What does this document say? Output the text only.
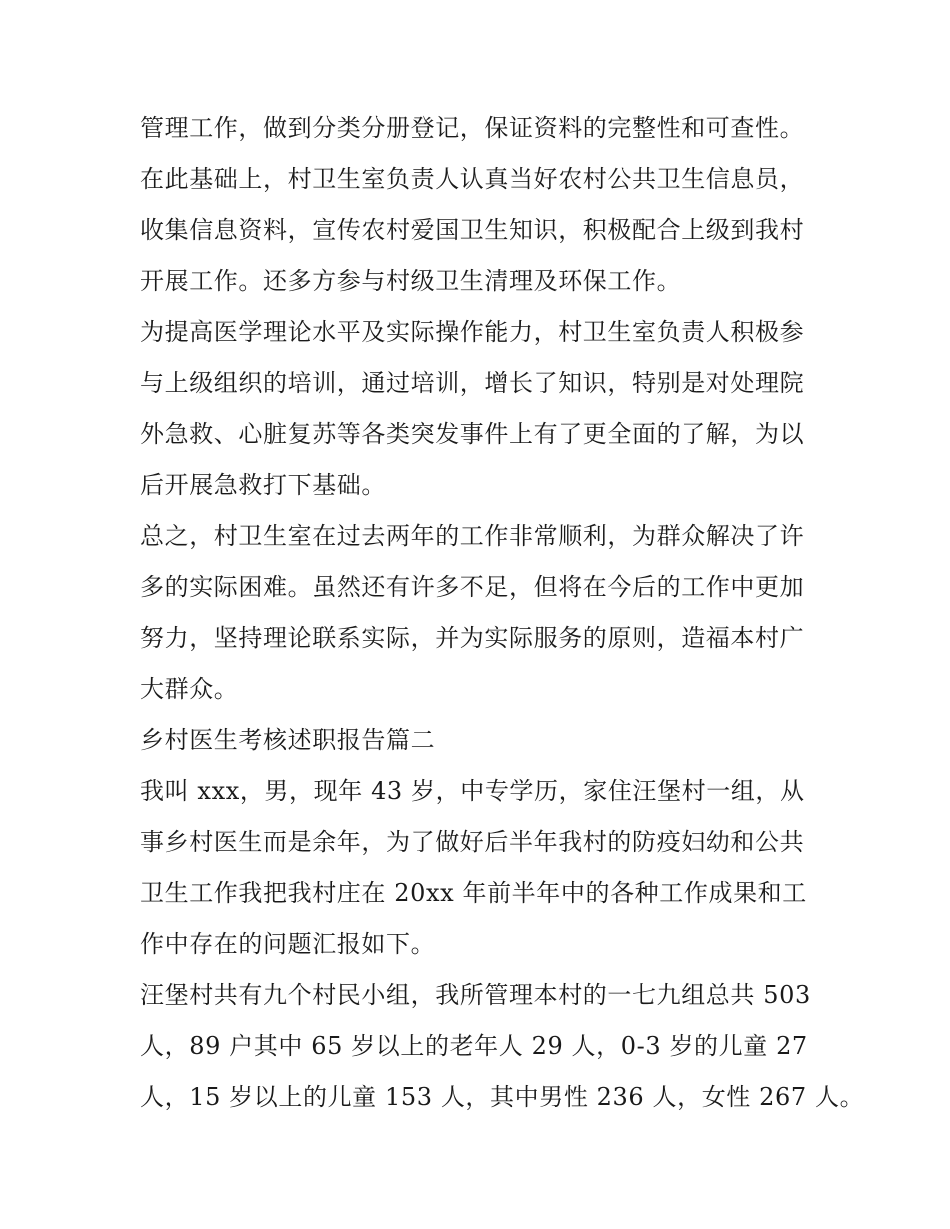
管理工作，做到分类分册登记，保证资料的完整性和可查性。
在此基础上，村卫生室负责人认真当好农村公共卫生信息员，
收集信息资料，宣传农村爱国卫生知识，积极配合上级到我村
开展工作。还多方参与村级卫生清理及环保工作。
为提高医学理论水平及实际操作能力，村卫生室负责人积极参
与上级组织的培训，通过培训，增长了知识，特别是对处理院
外急救、心脏复苏等各类突发事件上有了更全面的了解，为以
后开展急救打下基础。
总之，村卫生室在过去两年的工作非常顺利，为群众解决了许
多的实际困难。虽然还有许多不足，但将在今后的工作中更加
努力，坚持理论联系实际，并为实际服务的原则，造福本村广
大群众。
乡村医生考核述职报告篇二
我叫 xxx，男，现年 43 岁，中专学历，家住汪堡村一组，从
事乡村医生而是余年，为了做好后半年我村的防疫妇幼和公共
卫生工作我把我村庄在 20xx 年前半年中的各种工作成果和工
作中存在的问题汇报如下。
汪堡村共有九个村民小组，我所管理本村的一七九组总共 503
人，89 户其中 65 岁以上的老年人 29 人，0-3 岁的儿童 27
人，15 岁以上的儿童 153 人，其中男性 236 人，女性 267 人。
